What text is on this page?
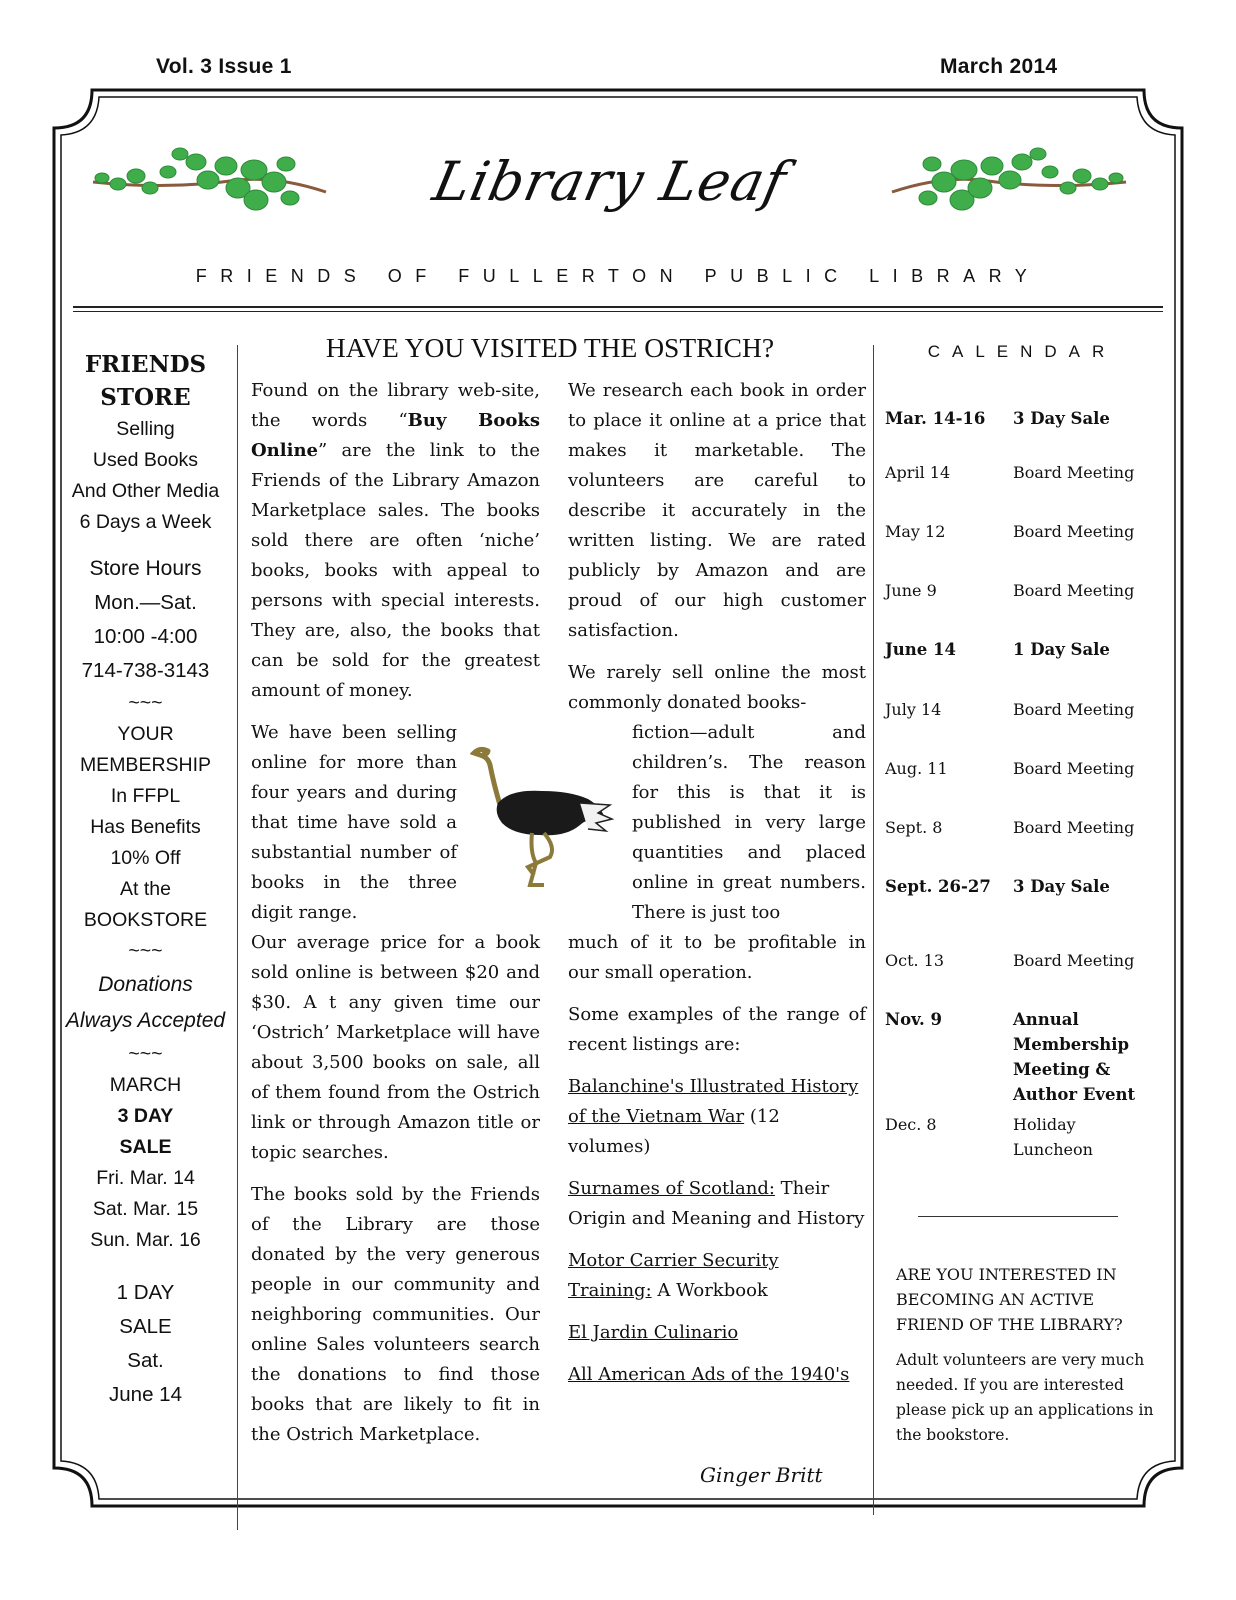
Vol. 3 Issue 1	March 2014
Library Leaf
FRIENDS OF FULLERTON PUBLIC LIBRARY
FRIENDS
STORE
Selling
Used Books
And Other Media
6 Days a Week
Store Hours
Mon.—Sat.
10:00 -4:00
714-738-3143
~~~
YOUR
MEMBERSHIP
In FFPL
Has Benefits
10% Off
At the
BOOKSTORE
~~~
Donations
Always Accepted
~~~
MARCH
3 DAY
SALE
Fri. Mar. 14
Sat. Mar. 15
Sun. Mar. 16
1 DAY
SALE
Sat.
June 14
HAVE YOU VISITED THE OSTRICH?

Found on the library web-site, the words “Buy Books Online” are the link to the Friends of the Library Amazon Marketplace sales. The books sold there are often ‘niche’ books, books with appeal to persons with special interests. They are, also, the books that can be sold for the greatest amount of money.

We have been selling online for more than four years and during that time have sold a substantial number of books in the three digit range.

Our average price for a book sold online is between $20 and $30. A t any given time our ‘Ostrich’ Marketplace will have about 3,500 books on sale, all of them found from the Ostrich link or through Amazon title or topic searches.

The books sold by the Friends of the Library are those donated by the very generous people in our community and neighboring communities. Our online Sales volunteers search the donations to find those books that are likely to fit in the Ostrich Marketplace.

We research each book in order to place it online at a price that makes it marketable. The volunteers are careful to describe it accurately in the written listing. We are rated publicly by Amazon and are proud of our high customer satisfaction.

We rarely sell online the most commonly donated books-

fiction—adult and children’s. The reason for this is that it is published in very large quantities and placed online in great numbers. There is just too

much of it to be profitable in our small operation.

Some examples of the range of recent listings are:

Balanchine's Illustrated History of the Vietnam War (12 volumes)

Surnames of Scotland: Their Origin and Meaning and History

Motor Carrier Security Training: A Workbook

El Jardin Culinario

All American Ads of the 1940's

Ginger Britt
CALENDAR
Mar. 14-16	3 Day Sale
April 14	Board Meeting
May 12	Board Meeting
June 9	Board Meeting
June 14	1 Day Sale
July 14	Board Meeting
Aug. 11	Board Meeting
Sept. 8	Board Meeting
Sept. 26-27	3 Day Sale
Oct. 13	Board Meeting
Nov. 9	Annual Membership Meeting & Author Event
Dec. 8	Holiday Luncheon
ARE YOU INTERESTED IN BECOMING AN ACTIVE FRIEND OF THE LIBRARY?
Adult volunteers are very much needed. If you are interested please pick up an applications in the bookstore.
